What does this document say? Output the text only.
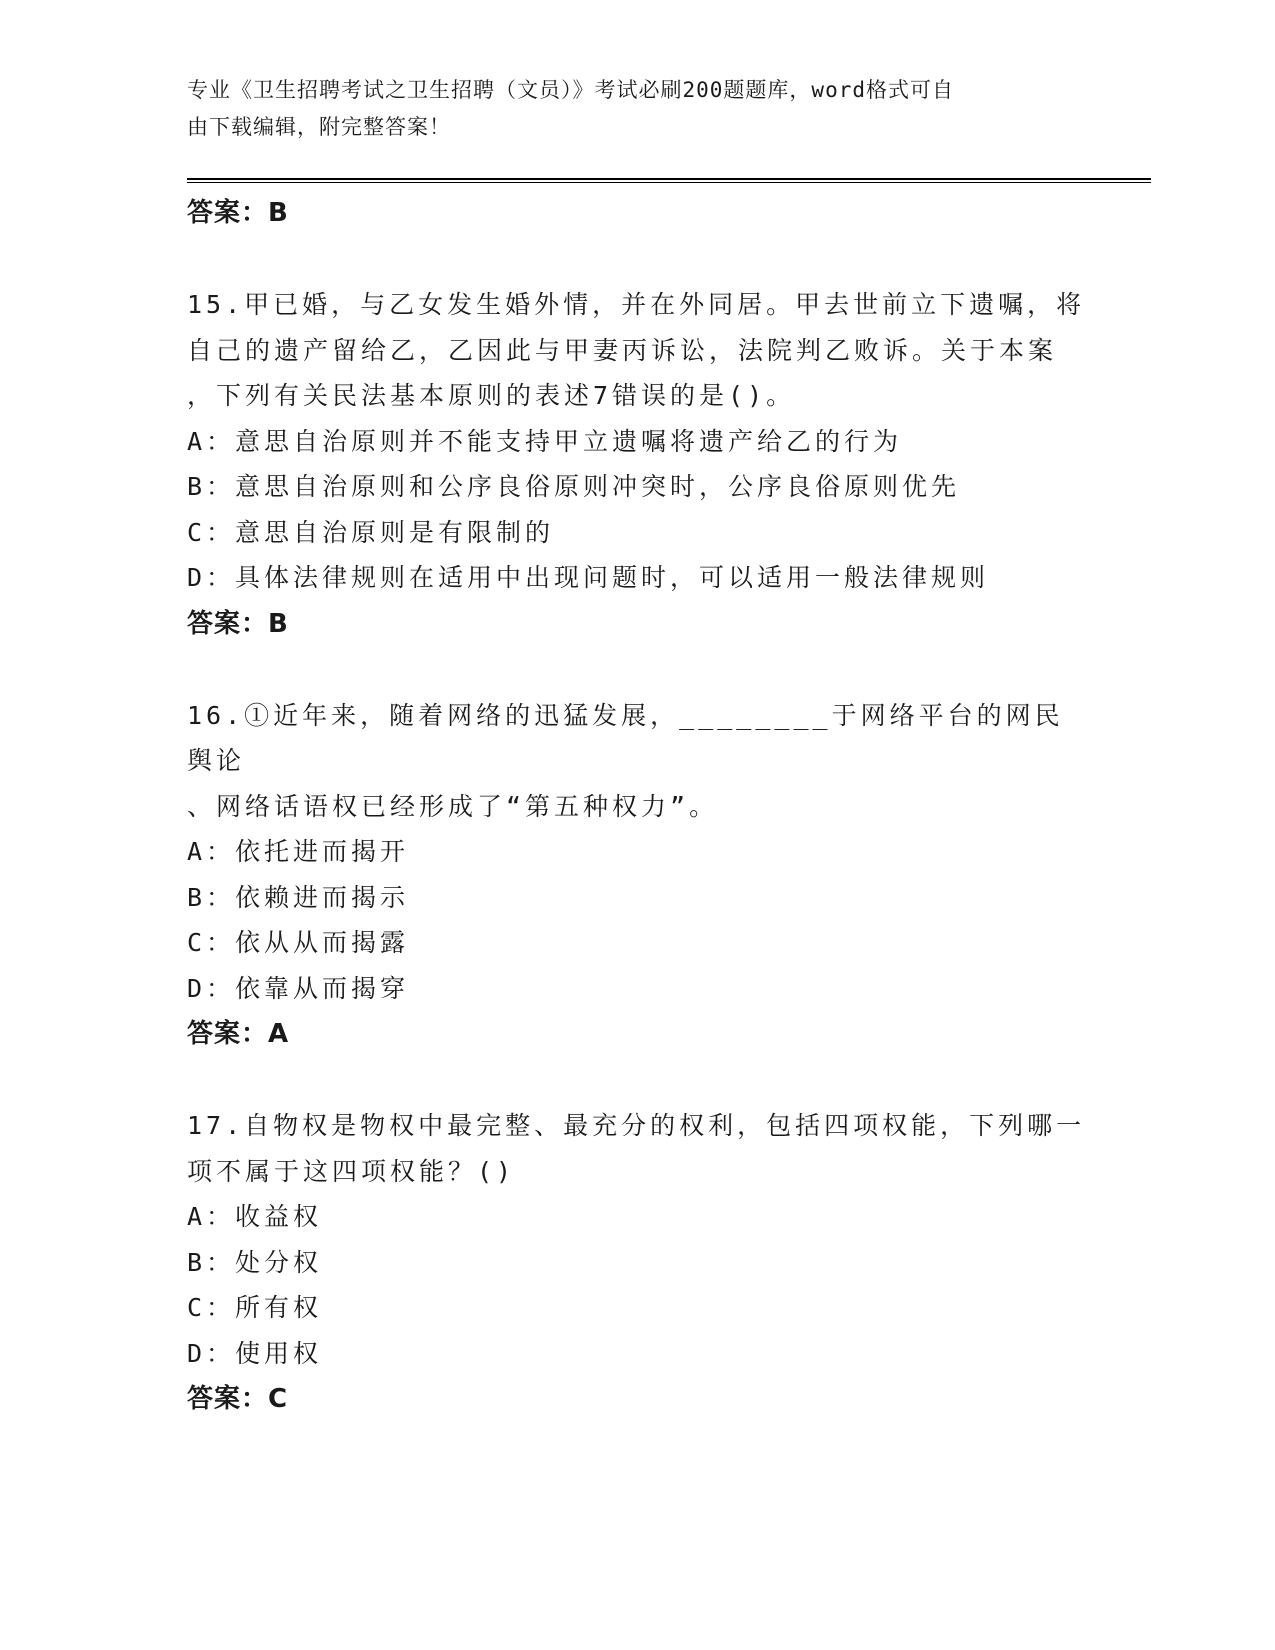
专业《卫生招聘考试之卫生招聘（文员）》考试必刷200题题库，word格式可自
由下载编辑，附完整答案！
答案：B
15.甲已婚，与乙女发生婚外情，并在外同居。甲去世前立下遗嘱，将
自己的遗产留给乙，乙因此与甲妻丙诉讼，法院判乙败诉。关于本案
，下列有关民法基本原则的表述7错误的是()。
A：意思自治原则并不能支持甲立遗嘱将遗产给乙的行为
B：意思自治原则和公序良俗原则冲突时，公序良俗原则优先
C：意思自治原则是有限制的
D：具体法律规则在适用中出现问题时，可以适用一般法律规则
答案：B
16.①近年来，随着网络的迅猛发展，________于网络平台的网民舆论
、网络话语权已经形成了“第五种权力”。
A：依托进而揭开
B：依赖进而揭示
C：依从从而揭露
D：依靠从而揭穿
答案：A
17.自物权是物权中最完整、最充分的权利，包括四项权能，下列哪一
项不属于这四项权能？()
A：收益权
B：处分权
C：所有权
D：使用权
答案：C
